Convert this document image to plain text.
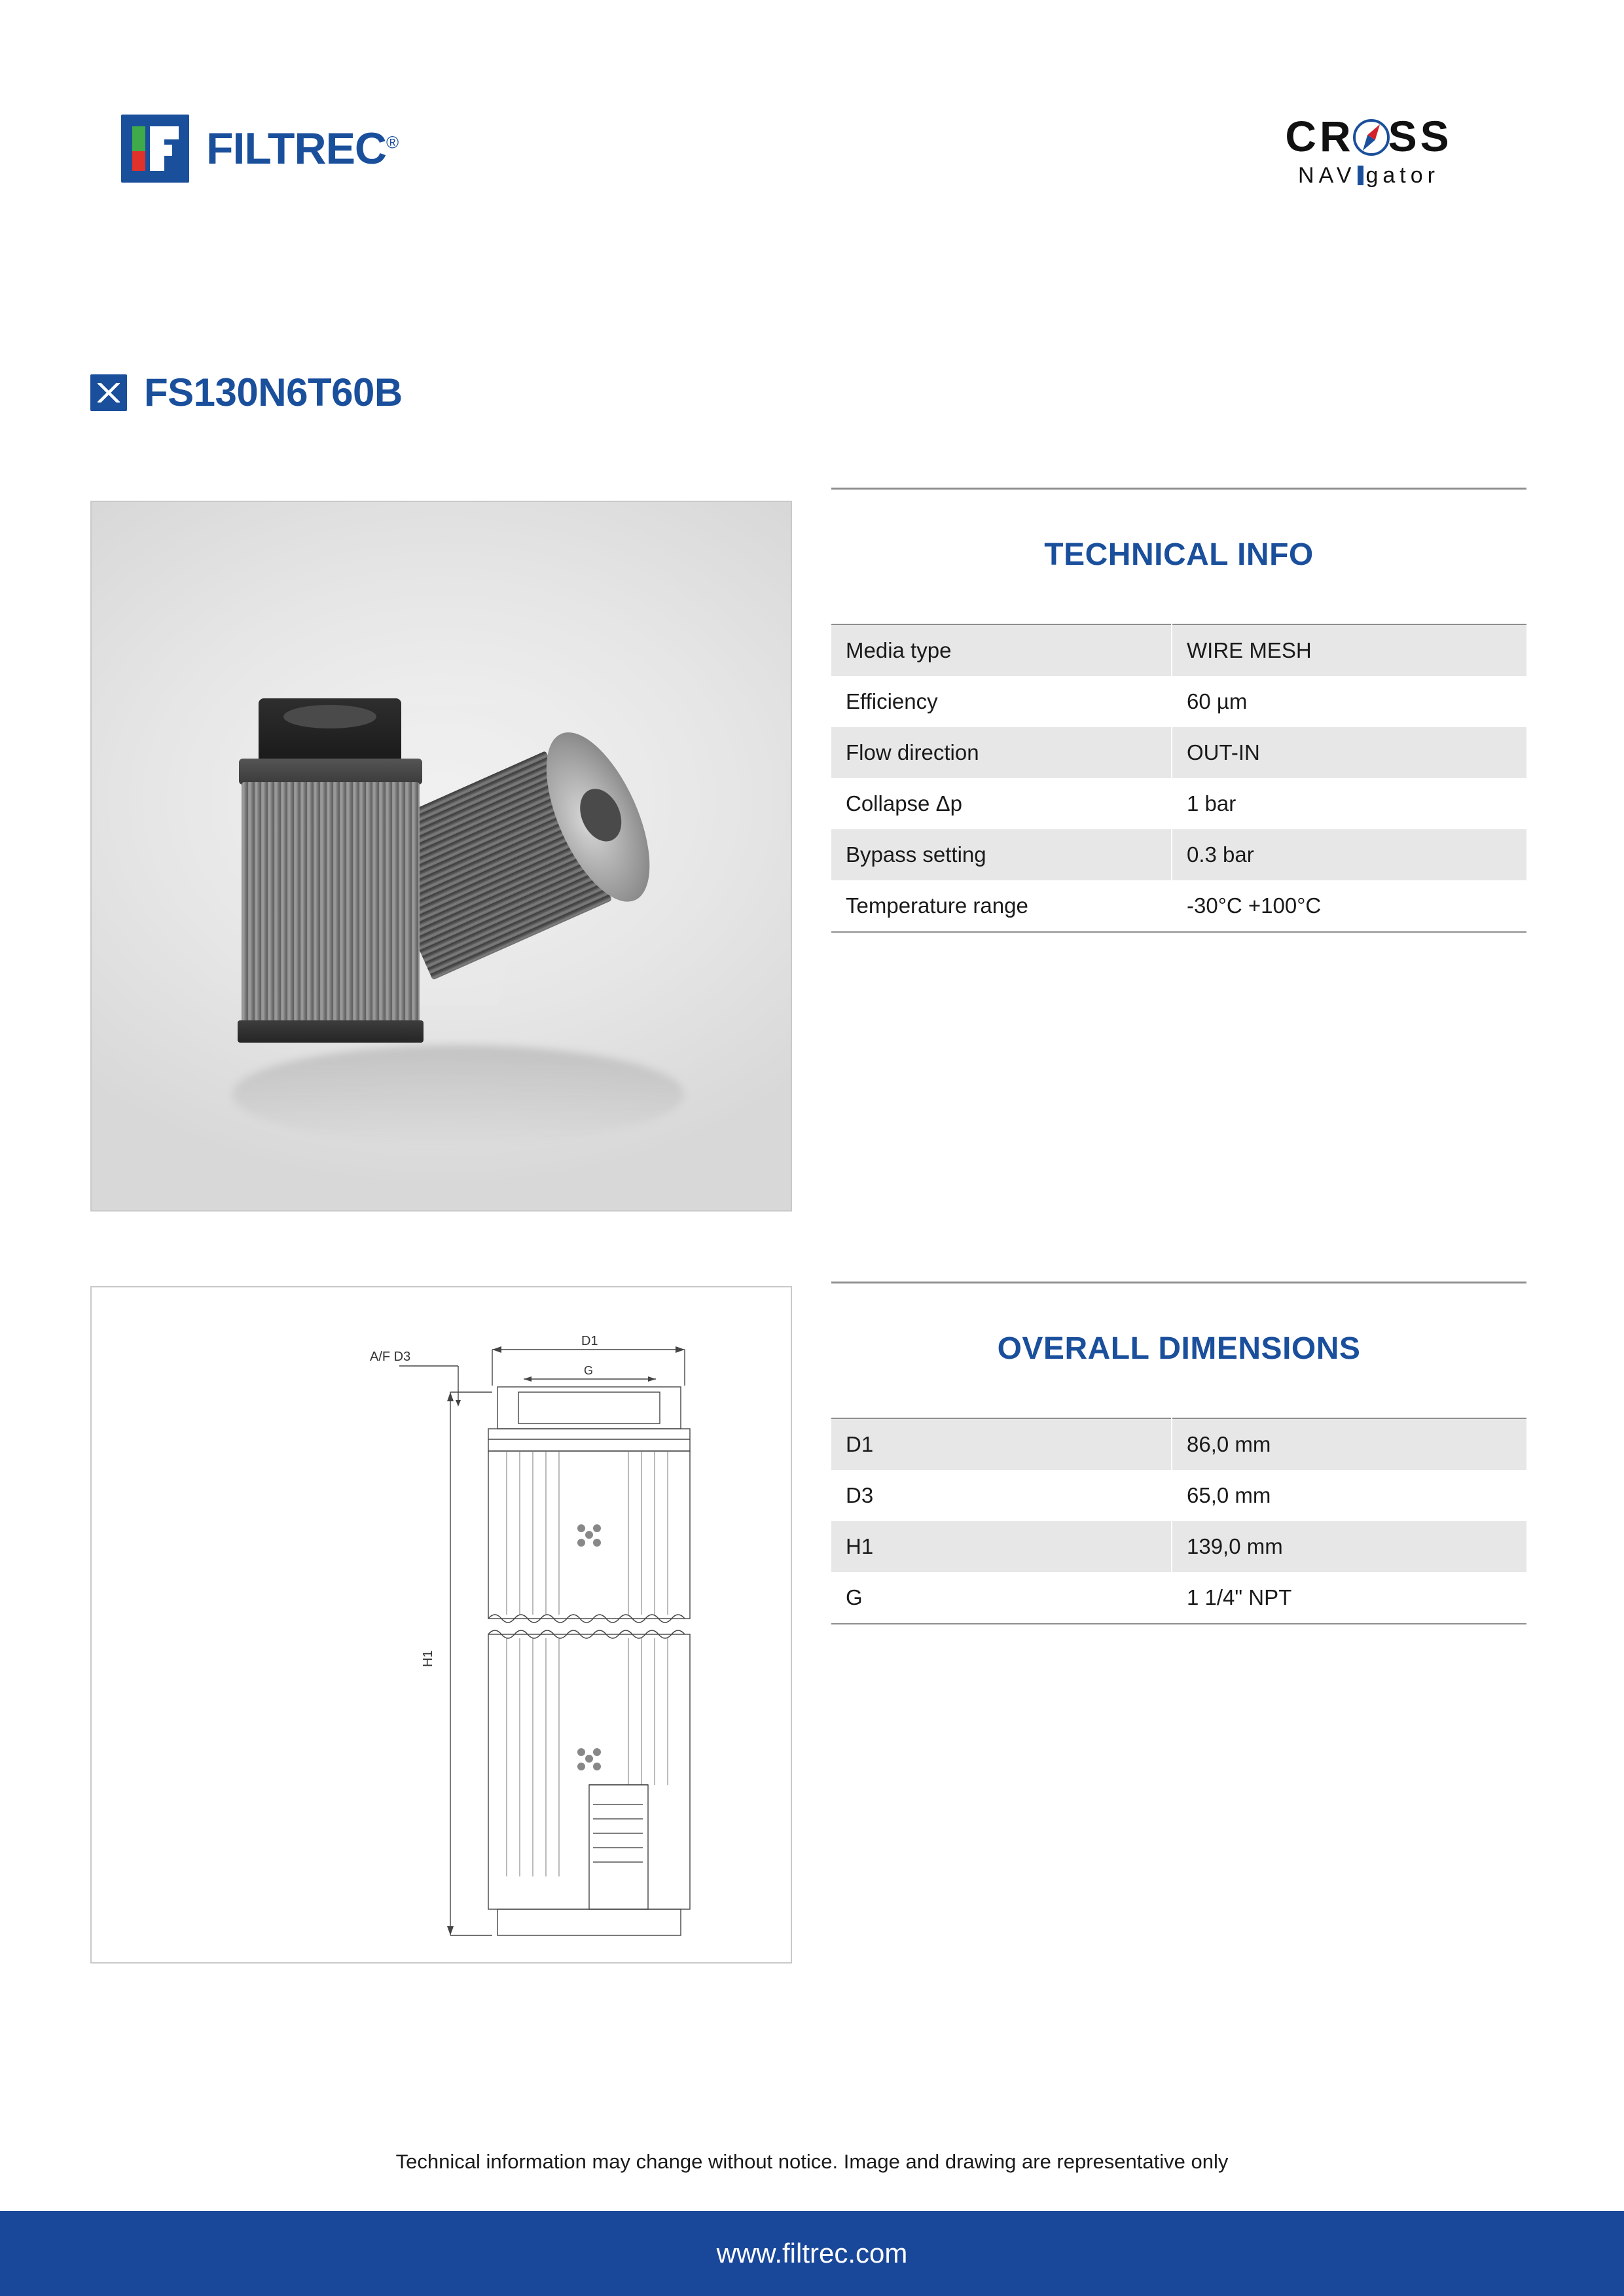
FILTREC®	CR SS
NAV gator
FS130N6T60B
A/F D3
D1
G
H1
TECHNICAL INFO
Media type	WIRE MESH
Efficiency	60 µm
Flow direction	OUT-IN
Collapse Δp	1 bar
Bypass setting	0.3 bar
Temperature range	-30°C +100°C
OVERALL DIMENSIONS
D1	86,0 mm
D3	65,0 mm
H1	139,0 mm
G	1 1/4" NPT
Technical information may change without notice. Image and drawing are representative only
www.filtrec.com
